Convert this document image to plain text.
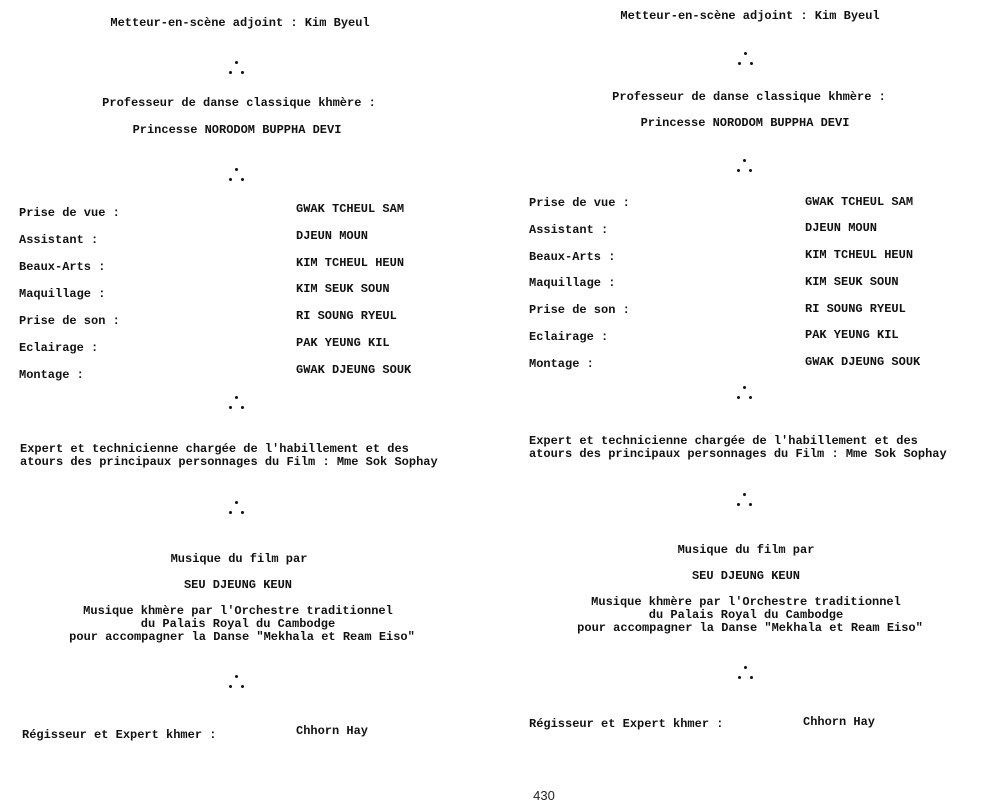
Metteur-en-scène adjoint : Kim Byeul
Professeur de danse classique khmère :
Princesse NORODOM BUPPHA DEVI
Prise de vue :	GWAK TCHEUL SAM
Assistant :	DJEUN MOUN
Beaux-Arts :	KIM TCHEUL HEUN
Maquillage :	KIM SEUK SOUN
Prise de son :	RI SOUNG RYEUL
Eclairage :	PAK YEUNG KIL
Montage :	GWAK DJEUNG SOUK
Expert et technicienne chargée de l'habillement et des
atours des principaux personnages du Film : Mme Sok Sophay
Musique du film par
SEU DJEUNG KEUN
Musique khmère par l'Orchestre traditionnel
du Palais Royal du Cambodge
pour accompagner la Danse "Mekhala et Ream Eiso"
Régisseur et Expert khmer :	Chhorn Hay
Metteur-en-scène adjoint : Kim Byeul
Professeur de danse classique khmère :
Princesse NORODOM BUPPHA DEVI
Prise de vue :	GWAK TCHEUL SAM
Assistant :	DJEUN MOUN
Beaux-Arts :	KIM TCHEUL HEUN
Maquillage :	KIM SEUK SOUN
Prise de son :	RI SOUNG RYEUL
Eclairage :	PAK YEUNG KIL
Montage :	GWAK DJEUNG SOUK
Expert et technicienne chargée de l'habillement et des
atours des principaux personnages du Film : Mme Sok Sophay
Musique du film par
SEU DJEUNG KEUN
Musique khmère par l'Orchestre traditionnel
du Palais Royal du Cambodge
pour accompagner la Danse "Mekhala et Ream Eiso"
Régisseur et Expert khmer :	Chhorn Hay
430
